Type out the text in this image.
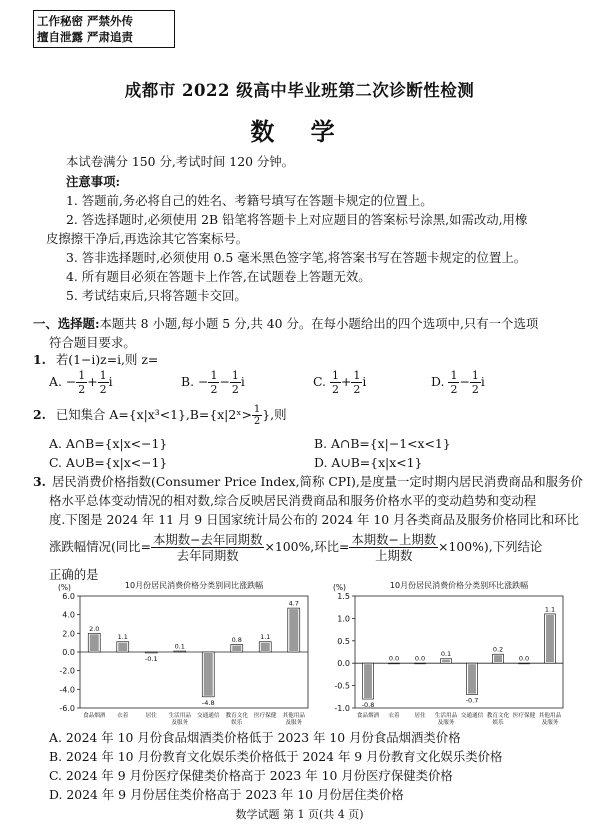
工作秘密 严禁外传
擅自泄露 严肃追责
成都市 2022 级高中毕业班第二次诊断性检测
数 学
本试卷满分 150 分,考试时间 120 分钟。
注意事项:
1. 答题前,务必将自己的姓名、考籍号填写在答题卡规定的位置上。
2. 答选择题时,必须使用 2B 铅笔将答题卡上对应题目的答案标号涂黑,如需改动,用橡
皮擦擦干净后,再选涂其它答案标号。
3. 答非选择题时,必须使用 0.5 毫米黑色签字笔,将答案书写在答题卡规定的位置上。
4. 所有题目必须在答题卡上作答,在试题卷上答题无效。
5. 考试结束后,只将答题卡交回。
一、选择题:本题共 8 小题,每小题 5 分,共 40 分。在每小题给出的四个选项中,只有一个选项
符合题目要求。
1. 若(1−i)z=i,则 z=
A. − $\frac{1}{2} + \frac{1}{2}$ i	B. − $\frac{1}{2} - \frac{1}{2}$ i	C. $\frac{1}{2} + \frac{1}{2}$ i	D. $\frac{1}{2} - \frac{1}{2}$ i
2. 已知集合 A={x|x³<1},B={x|2ˣ> $\frac{1}{2}$ },则
A. A∩B={x|x<−1}	B. A∩B={x|−1<x<1}
C. A∪B={x|x<−1}	D. A∪B={x|x<1}
3. 居民消费价格指数(Consumer Price Index,简称 CPI),是度量一定时期内居民消费商品和服务价
格水平总体变动情况的相对数,综合反映居民消费商品和服务价格水平的变动趋势和变动程
度.下图是 2024 年 11 月 9 日国家统计局公布的 2024 年 10 月各类商品及服务价格同比和环比
涨跌幅情况(同比= $\frac{\text{本期数−去年同期数}}{\text{去年同期数}} \times 100\%$,环比= $\frac{\text{本期数−上期数}}{\text{上期数}} \times 100\%$),下列结论
正确的是
10月份居民消费价格分类别同比涨跌幅
(%)
6.0
4.0
2.0
0.0
-2.0
-4.0
-6.0
2.0
食品烟酒
1.1
衣着
-0.1
居住
0.1
生活用品及服务
-4.8
交通通信
0.8
教育文化娱乐
1.1
医疗保健
4.7
其他用品及服务
10月份居民消费价格分类别环比涨跌幅
(%)
1.5
1.0
0.5
0.0
-0.5
-1.0 -0.8
食品烟酒
0.0
衣着
0.0
居住
0.1
生活用品及服务
-0.7
交通通信
0.2
教育文化娱乐
0.0
医疗保健
1.1
其他用品及服务
A. 2024 年 10 月份食品烟酒类价格低于 2023 年 10 月份食品烟酒类价格
B. 2024 年 10 月份教育文化娱乐类价格低于 2024 年 9 月份教育文化娱乐类价格
C. 2024 年 9 月份医疗保健类价格高于 2023 年 10 月份医疗保健类价格
D. 2024 年 9 月份居住类价格高于 2023 年 10 月份居住类价格
数学试题 第 1 页(共 4 页)
